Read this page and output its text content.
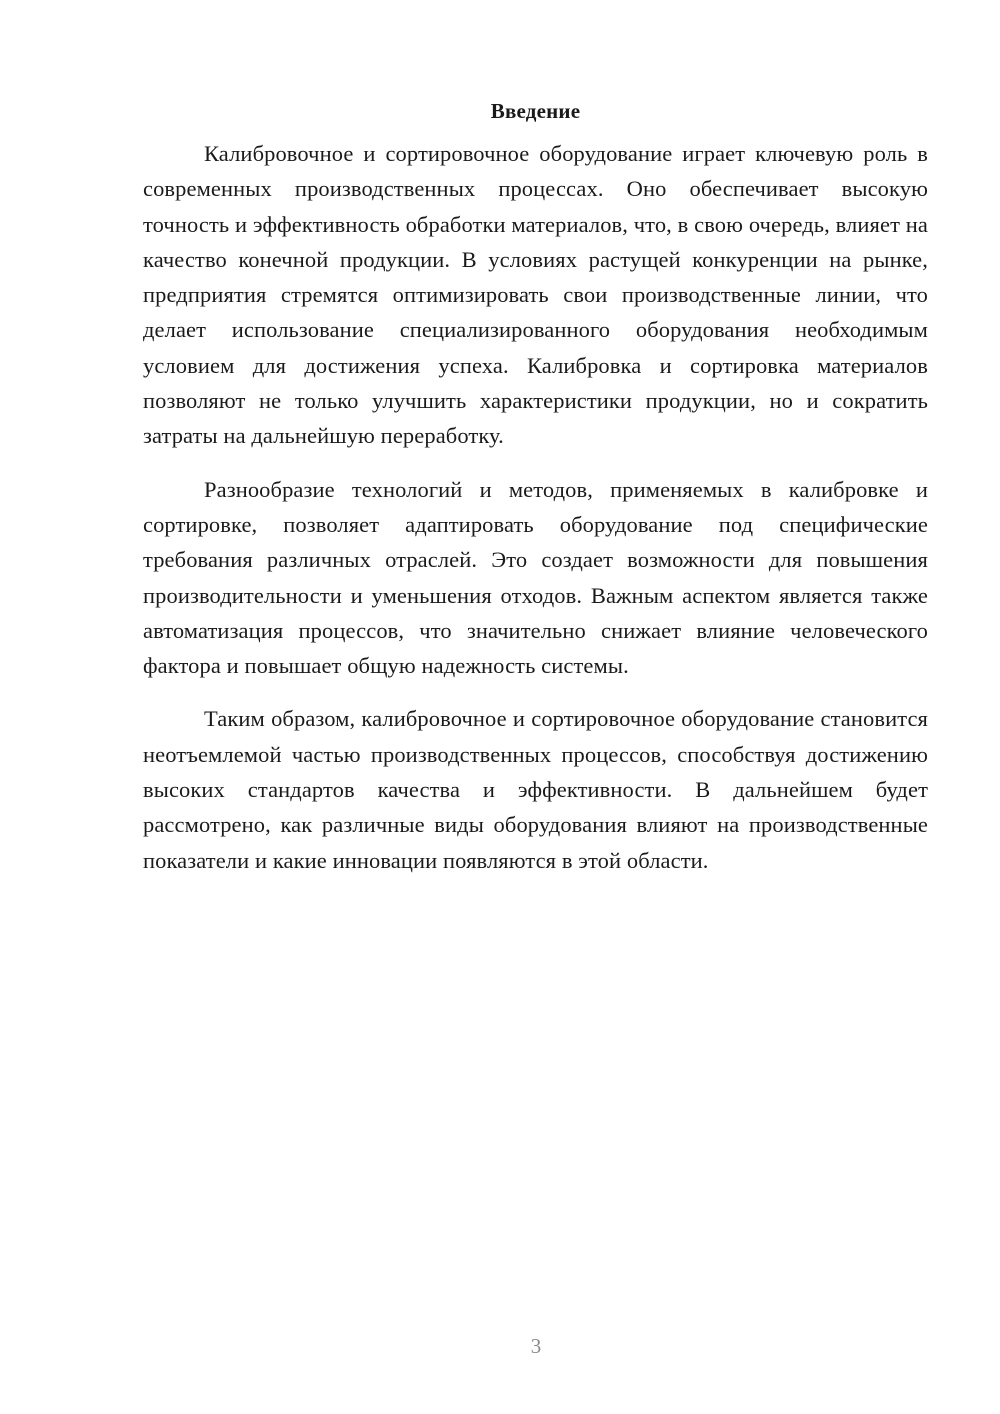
Введение

Калибровочное и сортировочное оборудование играет ключевую роль в современных производственных процессах. Оно обеспечивает высокую точность и эффективность обработки материалов, что, в свою очередь, влияет на качество конечной продукции. В условиях растущей конкуренции на рынке, предприятия стремятся оптимизировать свои производственные линии, что делает использование специализированного оборудования необходимым условием для достижения успеха. Калибровка и сортировка материалов позволяют не только улучшить характеристики продукции, но и сократить затраты на дальнейшую переработку.

Разнообразие технологий и методов, применяемых в калибровке и сортировке, позволяет адаптировать оборудование под специфические требования различных отраслей. Это создает возможности для повышения производительности и уменьшения отходов. Важным аспектом является также автоматизация процессов, что значительно снижает влияние человеческого фактора и повышает общую надежность системы.

Таким образом, калибровочное и сортировочное оборудование становится неотъемлемой частью производственных процессов, способствуя достижению высоких стандартов качества и эффективности. В дальнейшем будет рассмотрено, как различные виды оборудования влияют на производственные показатели и какие инновации появляются в этой области.

3
